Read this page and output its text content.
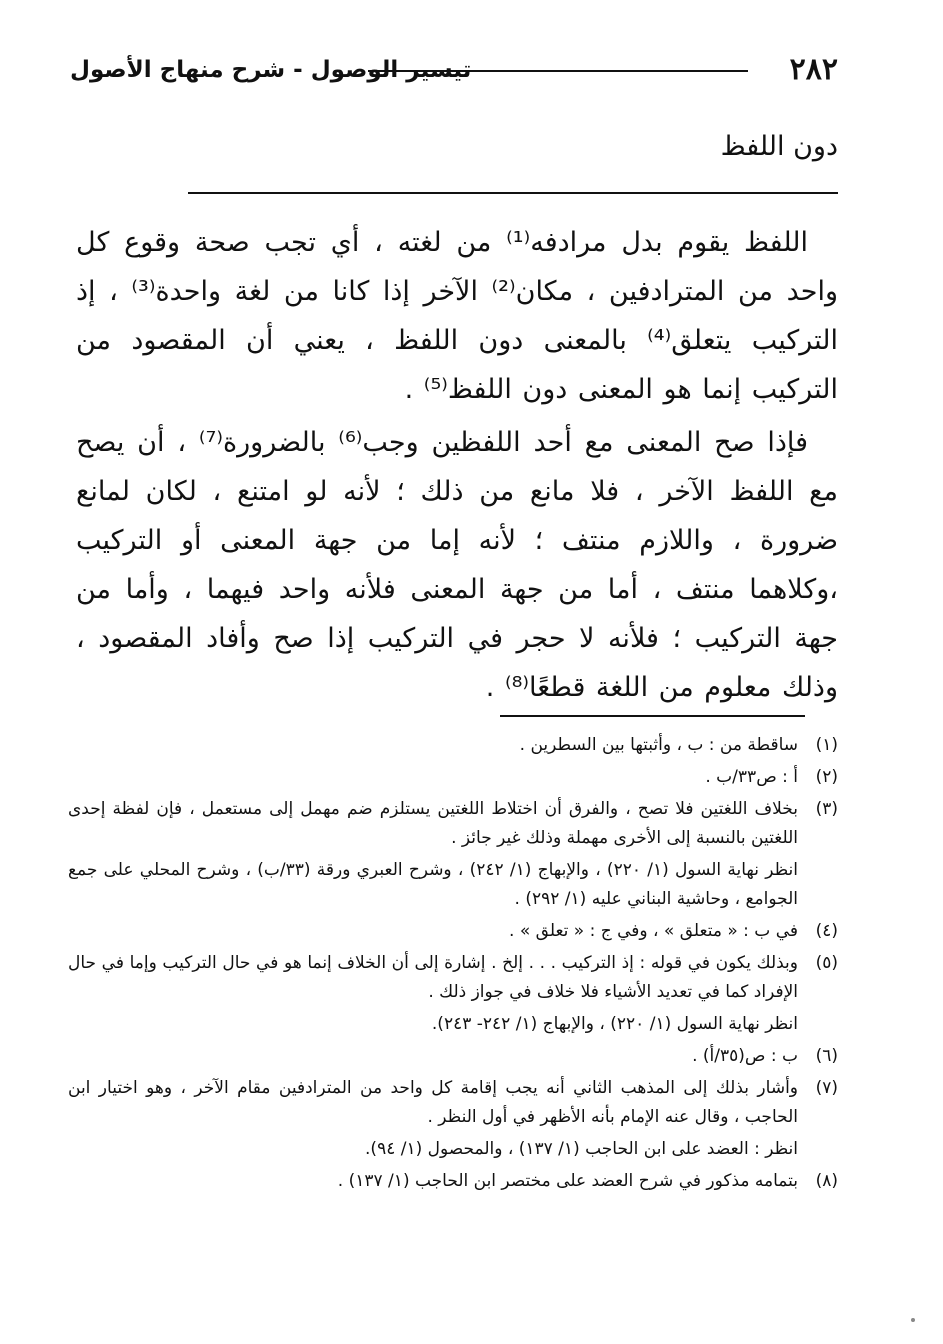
٢٨٢
تيسير الوصول - شرح منهاج الأصول
دون اللفظ

اللفظ يقوم بدل مرادفه⁽¹⁾ من لغته ، أي تجب صحة وقوع كل واحد من المترادفين ، مكان⁽²⁾ الآخر إذا كانا من لغة واحدة⁽³⁾ ، إذ التركيب يتعلق⁽⁴⁾ بالمعنى دون اللفظ ، يعني أن المقصود من التركيب إنما هو المعنى دون اللفظ⁽⁵⁾ .

فإذا صح المعنى مع أحد اللفظين وجب⁽⁶⁾ بالضرورة⁽⁷⁾ ، أن يصح مع اللفظ الآخر ، فلا مانع من ذلك ؛ لأنه لو امتنع ، لكان لمانع ضرورة ، واللازم منتف ؛ لأنه إما من جهة المعنى أو التركيب ،وكلاهما منتف ، أما من جهة المعنى فلأنه واحد فيهما ، وأما من جهة التركيب ؛ فلأنه لا حجر في التركيب إذا صح وأفاد المقصود ، وذلك معلوم من اللغة قطعًا⁽⁸⁾ .

(١)
ساقطة من : ب ، وأثبتها بين السطرين .
(٢)
أ : ص٣٣/ب .
(٣)
بخلاف اللغتين فلا تصح ، والفرق أن اختلاط اللغتين يستلزم ضم مهمل إلى مستعمل ، فإن لفظة إحدى اللغتين بالنسبة إلى الأخرى مهملة وذلك غير جائز .
انظر نهاية السول (١/ ٢٢٠) ، والإبهاج (١/ ٢٤٢) ، وشرح العبري ورقة (٣٣/ب) ، وشرح المحلي على جمع الجوامع ، وحاشية البناني عليه (١/ ٢٩٢) .
(٤)
في ب : « متعلق » ، وفي ج : « تعلق » .
(٥)
وبذلك يكون في قوله : إذ التركيب . . . إلخ . إشارة إلى أن الخلاف إنما هو في حال التركيب وإما في حال الإفراد كما في تعديد الأشياء فلا خلاف في جواز ذلك .
انظر نهاية السول (١/ ٢٢٠) ، والإبهاج (١/ ٢٤٢- ٢٤٣).
(٦)
ب : ص(٣٥/أ) .
(٧)
وأشار بذلك إلى المذهب الثاني أنه يجب إقامة كل واحد من المترادفين مقام الآخر ، وهو اختيار ابن الحاجب ، وقال عنه الإمام بأنه الأظهر في أول النظر .
انظر : العضد على ابن الحاجب (١/ ١٣٧) ، والمحصول (١/ ٩٤).
(٨)
بتمامه مذكور في شرح العضد على مختصر ابن الحاجب (١/ ١٣٧) .
